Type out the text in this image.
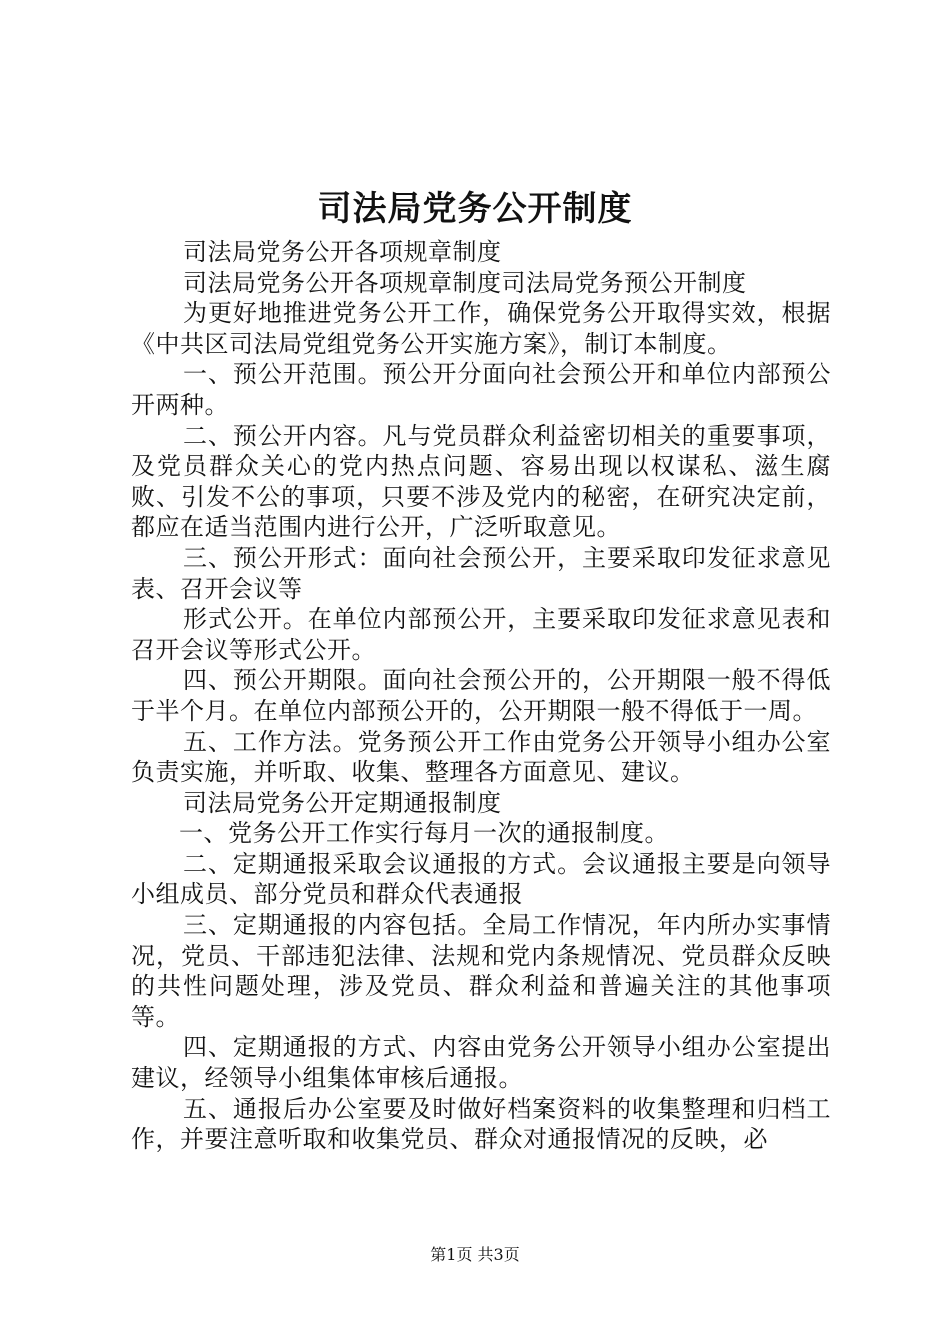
司法局党务公开制度

司法局党务公开各项规章制度

司法局党务公开各项规章制度司法局党务预公开制度

为更好地推进党务公开工作，确保党务公开取得实效，根据《中共区司法局党组党务公开实施方案》，制订本制度。

一、预公开范围。预公开分面向社会预公开和单位内部预公开两种。

二、预公开内容。凡与党员群众利益密切相关的重要事项，及党员群众关心的党内热点问题、容易出现以权谋私、滋生腐败、引发不公的事项，只要不涉及党内的秘密，在研究决定前，都应在适当范围内进行公开，广泛听取意见。

三、预公开形式：面向社会预公开，主要采取印发征求意见表、召开会议等

形式公开。在单位内部预公开，主要采取印发征求意见表和召开会议等形式公开。

四、预公开期限。面向社会预公开的，公开期限一般不得低于半个月。在单位内部预公开的，公开期限一般不得低于一周。

五、工作方法。党务预公开工作由党务公开领导小组办公室负责实施，并听取、收集、整理各方面意见、建议。

司法局党务公开定期通报制度

一、党务公开工作实行每月一次的通报制度。

二、定期通报采取会议通报的方式。会议通报主要是向领导小组成员、部分党员和群众代表通报

三、定期通报的内容包括。全局工作情况，年内所办实事情况，党员、干部违犯法律、法规和党内条规情况、党员群众反映的共性问题处理，涉及党员、群众利益和普遍关注的其他事项等。

四、定期通报的方式、内容由党务公开领导小组办公室提出建议，经领导小组集体审核后通报。

五、通报后办公室要及时做好档案资料的收集整理和归档工作，并要注意听取和收集党员、群众对通报情况的反映，必

第1页 共3页
